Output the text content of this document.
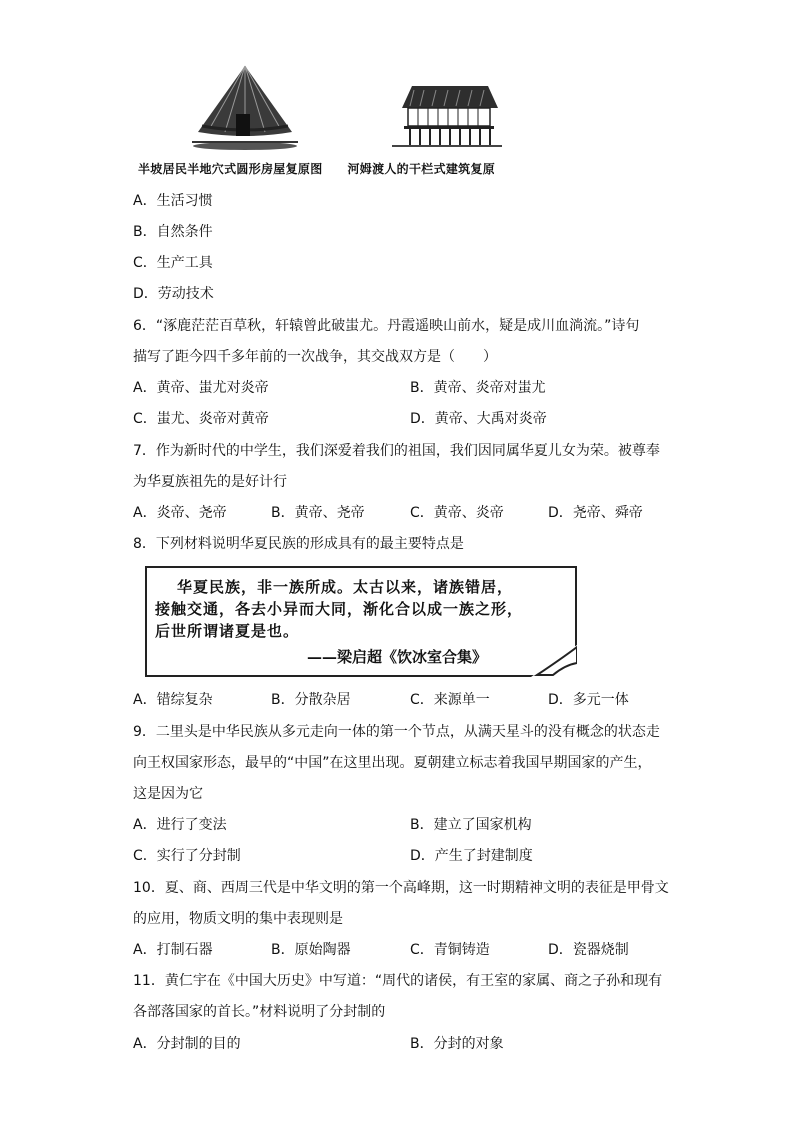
半坡居民半地穴式圆形房屋复原图 河姆渡人的干栏式建筑复原
A．生活习惯
B．自然条件
C．生产工具
D．劳动技术
6．“涿鹿茫茫百草秋，轩辕曾此破蚩尤。丹霞遥映山前水，疑是成川血淌流。”诗句
描写了距今四千多年前的一次战争，其交战双方是（　　）
A．黄帝、蚩尤对炎帝	B．黄帝、炎帝对蚩尤
C．蚩尤、炎帝对黄帝	D．黄帝、大禹对炎帝
7．作为新时代的中学生，我们深爱着我们的祖国，我们因同属华夏儿女为荣。被尊奉
为华夏族祖先的是好计行
A．炎帝、尧帝	B．黄帝、尧帝	C．黄帝、炎帝	D．尧帝、舜帝
8．下列材料说明华夏民族的形成具有的最主要特点是
华夏民族，非一族所成。太古以来，诸族错居，
接触交通，各去小异而大同，渐化合以成一族之形，
后世所谓诸夏是也。
——梁启超《饮冰室合集》
A．错综复杂	B．分散杂居	C．来源单一	D．多元一体
9．二里头是中华民族从多元走向一体的第一个节点，从满天星斗的没有概念的状态走
向王权国家形态，最早的“中国”在这里出现。夏朝建立标志着我国早期国家的产生，
这是因为它
A．进行了变法	B．建立了国家机构
C．实行了分封制	D．产生了封建制度
10．夏、商、西周三代是中华文明的第一个高峰期，这一时期精神文明的表征是甲骨文
的应用，物质文明的集中表现则是
A．打制石器	B．原始陶器	C．青铜铸造	D．瓷器烧制
11．黄仁宇在《中国大历史》中写道：“周代的诸侯，有王室的家属、商之子孙和现有
各部落国家的首长。”材料说明了分封制的
A．分封制的目的	B．分封的对象
